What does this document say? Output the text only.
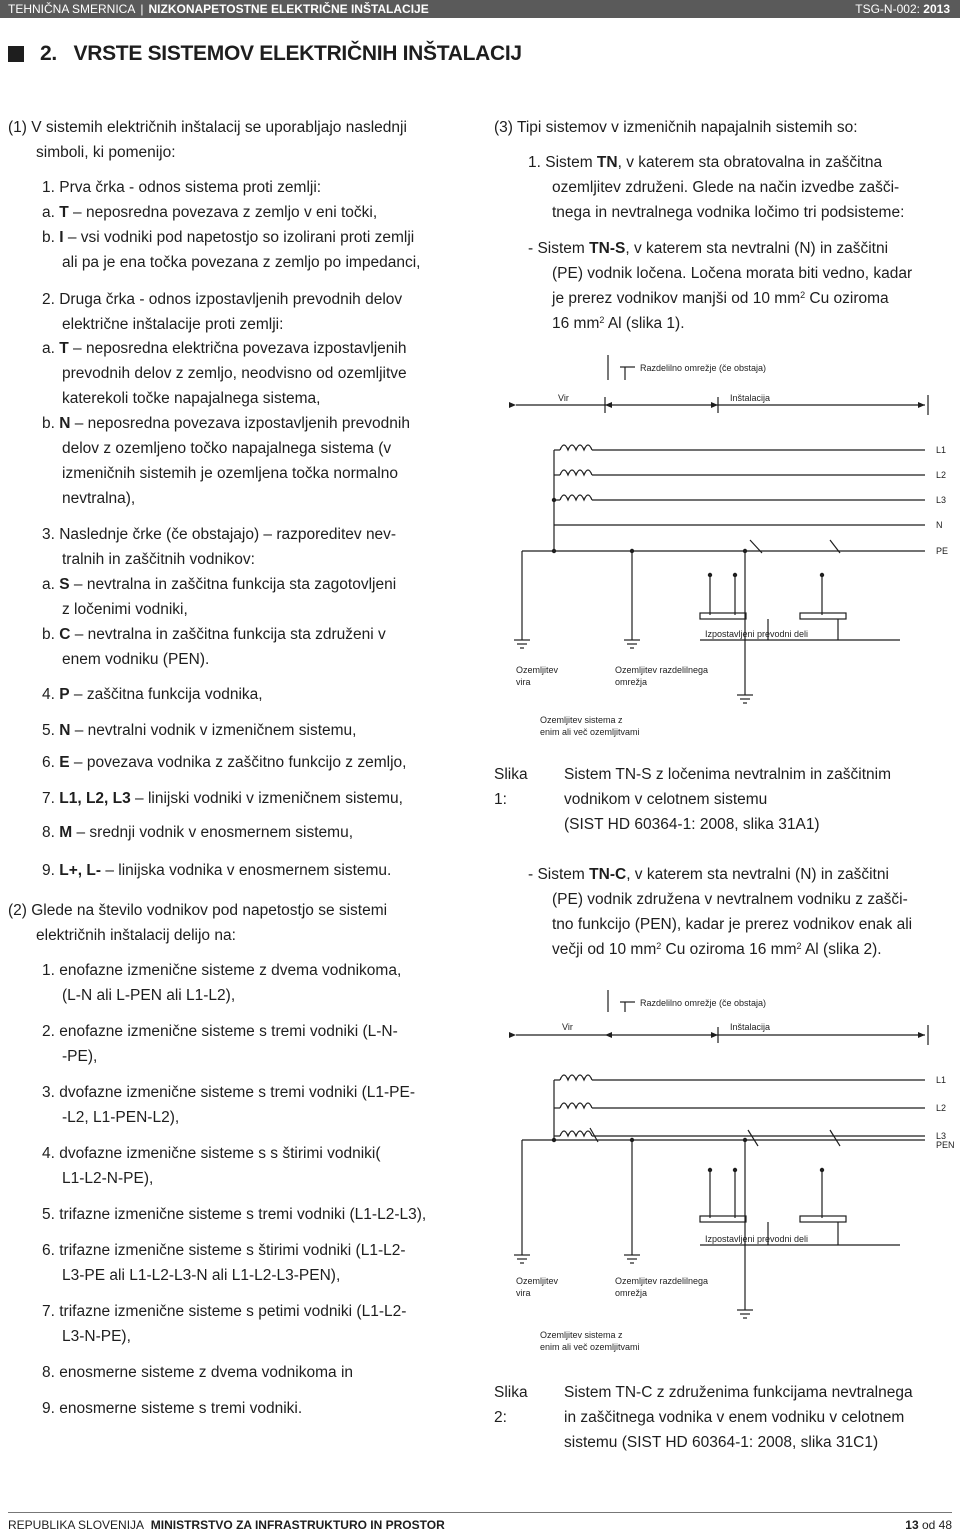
TEHNIČNA SMERNICA | NIZKONAPETOSTNE ELEKTRIČNE INŠTALACIJE	TSG-N-002: 2013
2. VRSTE SISTEMOV ELEKTRIČNIH INŠTALACIJ
(1) V sistemih električnih inštalacij se uporabljajo naslednji
simboli, ki pomenijo:
1. Prva črka - odnos sistema proti zemlji:
a. T – neposredna povezava z zemljo v eni točki,
b. I – vsi vodniki pod napetostjo so izolirani proti zemlji
ali pa je ena točka povezana z zemljo po impedanci,
2. Druga črka - odnos izpostavljenih prevodnih delov
električne inštalacije proti zemlji:
a. T – neposredna električna povezava izpostavljenih
prevodnih delov z zemljo, neodvisno od ozemljitve
katerekoli točke napajalnega sistema,
b. N – neposredna povezava izpostavljenih prevodnih
delov z ozemljeno točko napajalnega sistema (v
izmeničnih sistemih je ozemljena točka normalno
nevtralna),
3. Naslednje črke (če obstajajo) – razporeditev nev-
tralnih in zaščitnih vodnikov:
a. S – nevtralna in zaščitna funkcija sta zagotovljeni
z ločenimi vodniki,
b. C – nevtralna in zaščitna funkcija sta združeni v
enem vodniku (PEN).
4. P – zaščitna funkcija vodnika,
5. N – nevtralni vodnik v izmeničnem sistemu,
6. E – povezava vodnika z zaščitno funkcijo z zemljo,
7. L1, L2, L3 – linijski vodniki v izmeničnem sistemu,
8. M – srednji vodnik v enosmernem sistemu,
9. L+, L- – linijska vodnika v enosmernem sistemu.
(2) Glede na število vodnikov pod napetostjo se sistemi
električnih inštalacij delijo na:
1. enofazne izmenične sisteme z dvema vodnikoma,
(L-N ali L-PEN ali L1-L2),
2. enofazne izmenične sisteme s tremi vodniki (L-N-
-PE),
3. dvofazne izmenične sisteme s tremi vodniki (L1-PE-
-L2, L1-PEN-L2),
4. dvofazne izmenične sisteme s s štirimi vodniki(
L1-L2-N-PE),
5. trifazne izmenične sisteme s tremi vodniki (L1-L2-L3),
6. trifazne izmenične sisteme s štirimi vodniki (L1-L2-
L3-PE ali L1-L2-L3-N ali L1-L2-L3-PEN),
7. trifazne izmenične sisteme s petimi vodniki (L1-L2-
L3-N-PE),
8. enosmerne sisteme z dvema vodnikoma in
9. enosmerne sisteme s tremi vodniki.
(3) Tipi sistemov v izmeničnih napajalnih sistemih so:
1. Sistem TN, v katerem sta obratovalna in zaščitna
ozemljitev združeni. Glede na način izvedbe zašči-
tnega in nevtralnega vodnika ločimo tri podsisteme:
- Sistem TN-S, v katerem sta nevtralni (N) in zaščitni
(PE) vodnik ločena. Ločena morata biti vedno, kadar
je prerez vodnikov manjši od 10 $mm^2$ Cu oziroma
16 $mm^2$ Al (slika 1).
- Sistem TN-C, v katerem sta nevtralni (N) in zaščitni
(PE) vodnik združena v nevtralnem vodniku z zašči-
tno funkcijo (PEN), kadar je prerez vodnikov enak ali
večji od 10 $mm^2$ Cu oziroma 16 $mm^2$ Al (slika 2).
Razdelilno omrežje (če obstaja)
Vir	Inštalacija
L1
L2
L3
N
PE
Izpostavljeni prevodni deli
Ozemljitev
vira
Ozemljitev razdelilnega
omrežja
Ozemljitev sistema z
enim ali več ozemljitvami
Slika 1:
Sistem TN-S z ločenima nevtralnim in zaščitnim
vodnikom v celotnem sistemu
(SIST HD 60364-1: 2008, slika 31A1)
Razdelilno omrežje (če obstaja)
Vir	Inštalacija
L1
L2
L3
PEN
Izpostavljeni prevodni deli
Ozemljitev
vira
Ozemljitev razdelilnega
omrežja
Ozemljitev sistema z
enim ali več ozemljitvami
Slika 2:
Sistem TN-C z združenima funkcijama nevtralnega
in zaščitnega vodnika v enem vodniku v celotnem
sistemu (SIST HD 60364-1: 2008, slika 31C1)
REPUBLIKA SLOVENIJA MINISTRSTVO ZA INFRASTRUKTURO IN PROSTOR	13 od 48
